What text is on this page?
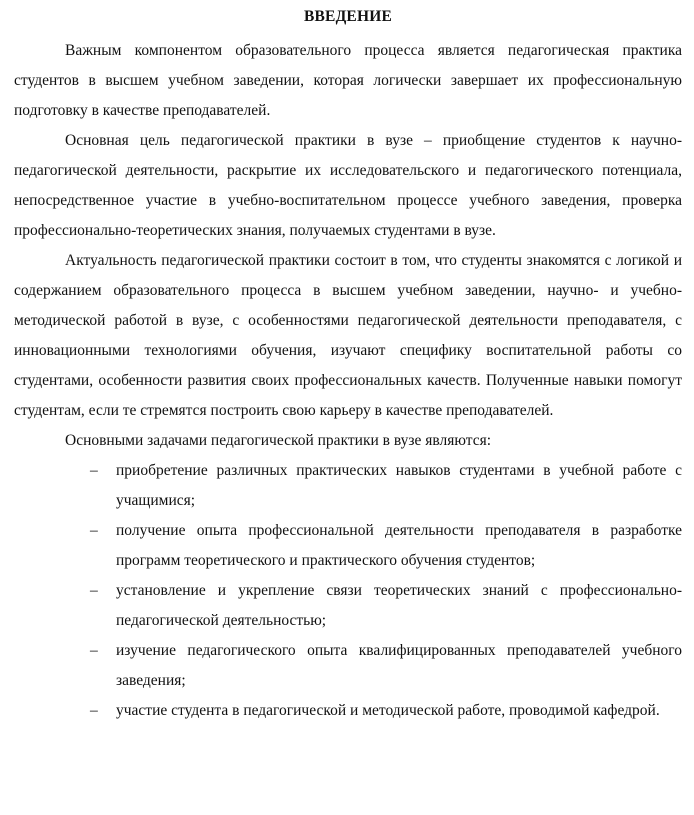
ВВЕДЕНИЕ

Важным компонентом образовательного процесса является педагогическая практика студентов в высшем учебном заведении, которая логически завершает их профессиональную подготовку в качестве преподавателей.

Основная цель педагогической практики в вузе – приобщение студентов к научно-педагогической деятельности, раскрытие их исследовательского и педагогического потенциала, непосредственное участие в учебно-воспитательном процессе учебного заведения, проверка профессионально-теоретических знания, получаемых студентами в вузе.

Актуальность педагогической практики состоит в том, что студенты знакомятся с логикой и содержанием образовательного процесса в высшем учебном заведении, научно- и учебно-методической работой в вузе, с особенностями педагогической деятельности преподавателя, с инновационными технологиями обучения, изучают специфику воспитательной работы со студентами, особенности развития своих профессиональных качеств. Полученные навыки помогут студентам, если те стремятся построить свою карьеру в качестве преподавателей.

Основными задачами педагогической практики в вузе являются:

– приобретение различных практических навыков студентами в учебной работе с учащимися;
– получение опыта профессиональной деятельности преподавателя в разработке программ теоретического и практического обучения студентов;
– установление и укрепление связи теоретических знаний с профессионально-педагогической деятельностью;
– изучение педагогического опыта квалифицированных преподавателей учебного заведения;
– участие студента в педагогической и методической работе, проводимой кафедрой.
